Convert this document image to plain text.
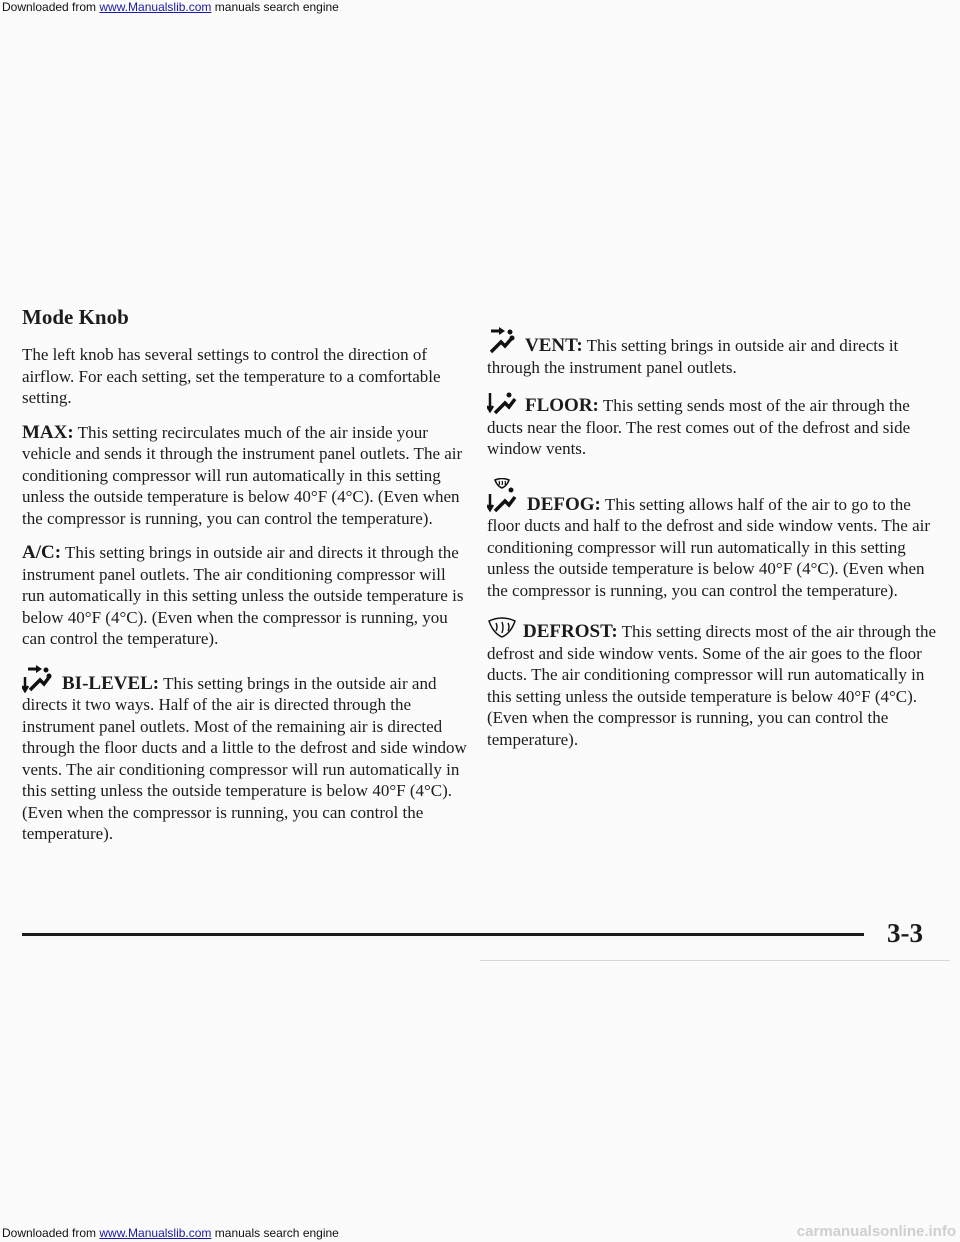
Downloaded from www.Manualslib.com manuals search engine
Mode Knob

The left knob has several settings to control the direction of airflow. For each setting, set the temperature to a comfortable setting.

MAX: This setting recirculates much of the air inside your vehicle and sends it through the instrument panel outlets. The air conditioning compressor will run automatically in this setting unless the outside temperature is below 40°F (4°C). (Even when the compressor is running, you can control the temperature).

A/C: This setting brings in outside air and directs it through the instrument panel outlets. The air conditioning compressor will run automatically in this setting unless the outside temperature is below 40°F (4°C). (Even when the compressor is running, you can control the temperature).

BI-LEVEL: This setting brings in the outside air and directs it two ways. Half of the air is directed through the instrument panel outlets. Most of the remaining air is directed through the floor ducts and a little to the defrost and side window vents. The air conditioning compressor will run automatically in this setting unless the outside temperature is below 40°F (4°C). (Even when the compressor is running, you can control the temperature).

VENT: This setting brings in outside air and directs it through the instrument panel outlets.

FLOOR: This setting sends most of the air through the ducts near the floor. The rest comes out of the defrost and side window vents.

DEFOG: This setting allows half of the air to go to the floor ducts and half to the defrost and side window vents. The air conditioning compressor will run automatically in this setting unless the outside temperature is below 40°F (4°C). (Even when the compressor is running, you can control the temperature).

DEFROST: This setting directs most of the air through the defrost and side window vents. Some of the air goes to the floor ducts. The air conditioning compressor will run automatically in this setting unless the outside temperature is below 40°F (4°C). (Even when the compressor is running, you can control the temperature).

3-3
Downloaded from www.Manualslib.com manuals search engine	carmanualsonline.info
